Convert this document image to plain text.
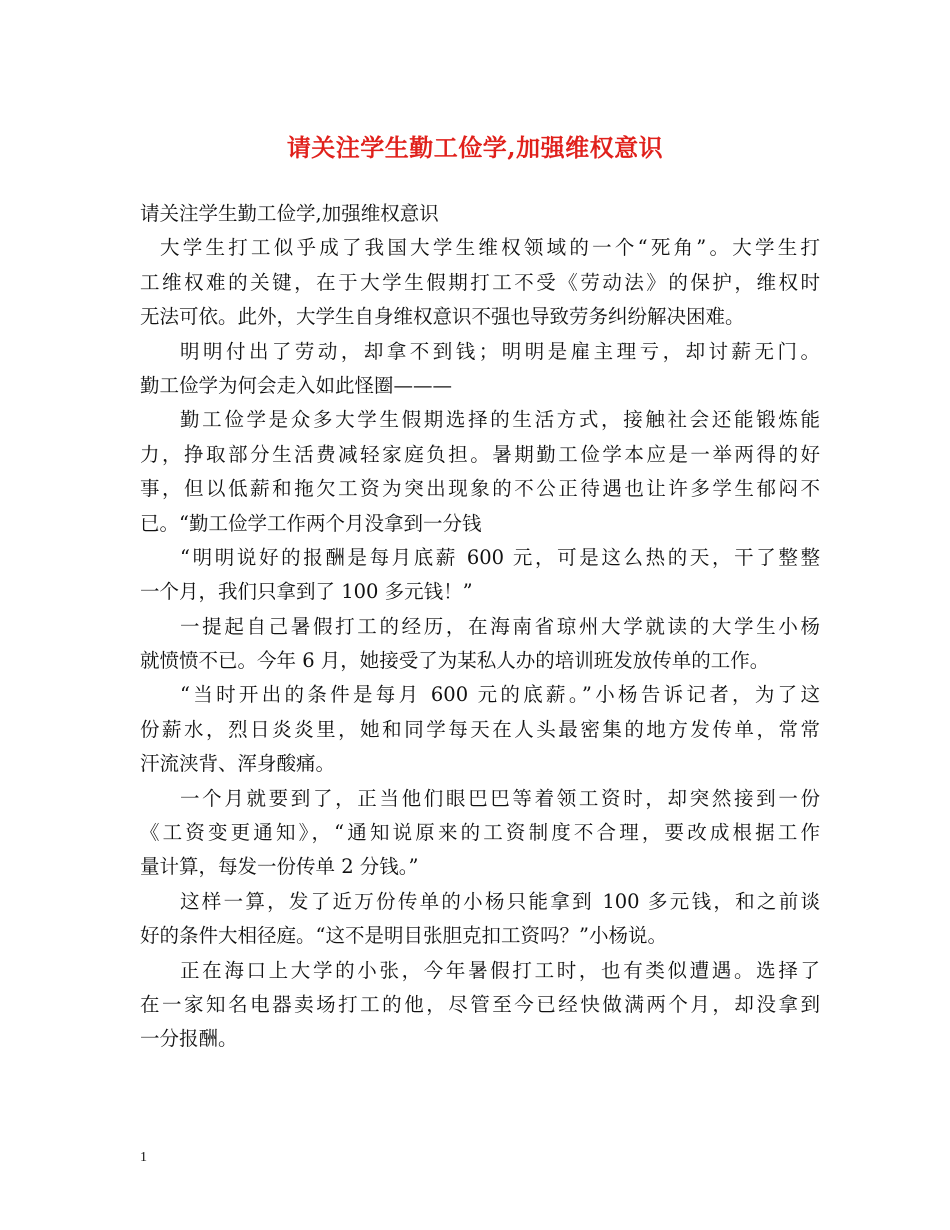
请关注学生勤工俭学,加强维权意识
请关注学生勤工俭学,加强维权意识
大学生打工似乎成了我国大学生维权领域的一个“死角”。大学生打
工维权难的关键，在于大学生假期打工不受《劳动法》的保护，维权时
无法可依。此外，大学生自身维权意识不强也导致劳务纠纷解决困难。
明明付出了劳动，却拿不到钱；明明是雇主理亏，却讨薪无门。
勤工俭学为何会走入如此怪圈———
勤工俭学是众多大学生假期选择的生活方式，接触社会还能锻炼能
力，挣取部分生活费减轻家庭负担。暑期勤工俭学本应是一举两得的好
事，但以低薪和拖欠工资为突出现象的不公正待遇也让许多学生郁闷不
已。“勤工俭学工作两个月没拿到一分钱
“明明说好的报酬是每月底薪 600 元，可是这么热的天，干了整整
一个月，我们只拿到了 100 多元钱！”
一提起自己暑假打工的经历，在海南省琼州大学就读的大学生小杨
就愤愤不已。今年 6 月，她接受了为某私人办的培训班发放传单的工作。
“当时开出的条件是每月 600 元的底薪。”小杨告诉记者，为了这
份薪水，烈日炎炎里，她和同学每天在人头最密集的地方发传单，常常
汗流浃背、浑身酸痛。
一个月就要到了，正当他们眼巴巴等着领工资时，却突然接到一份
《工资变更通知》，“通知说原来的工资制度不合理，要改成根据工作
量计算，每发一份传单 2 分钱。”
这样一算，发了近万份传单的小杨只能拿到 100 多元钱，和之前谈
好的条件大相径庭。“这不是明目张胆克扣工资吗？”小杨说。
正在海口上大学的小张，今年暑假打工时，也有类似遭遇。选择了
在一家知名电器卖场打工的他，尽管至今已经快做满两个月，却没拿到
一分报酬。
1
